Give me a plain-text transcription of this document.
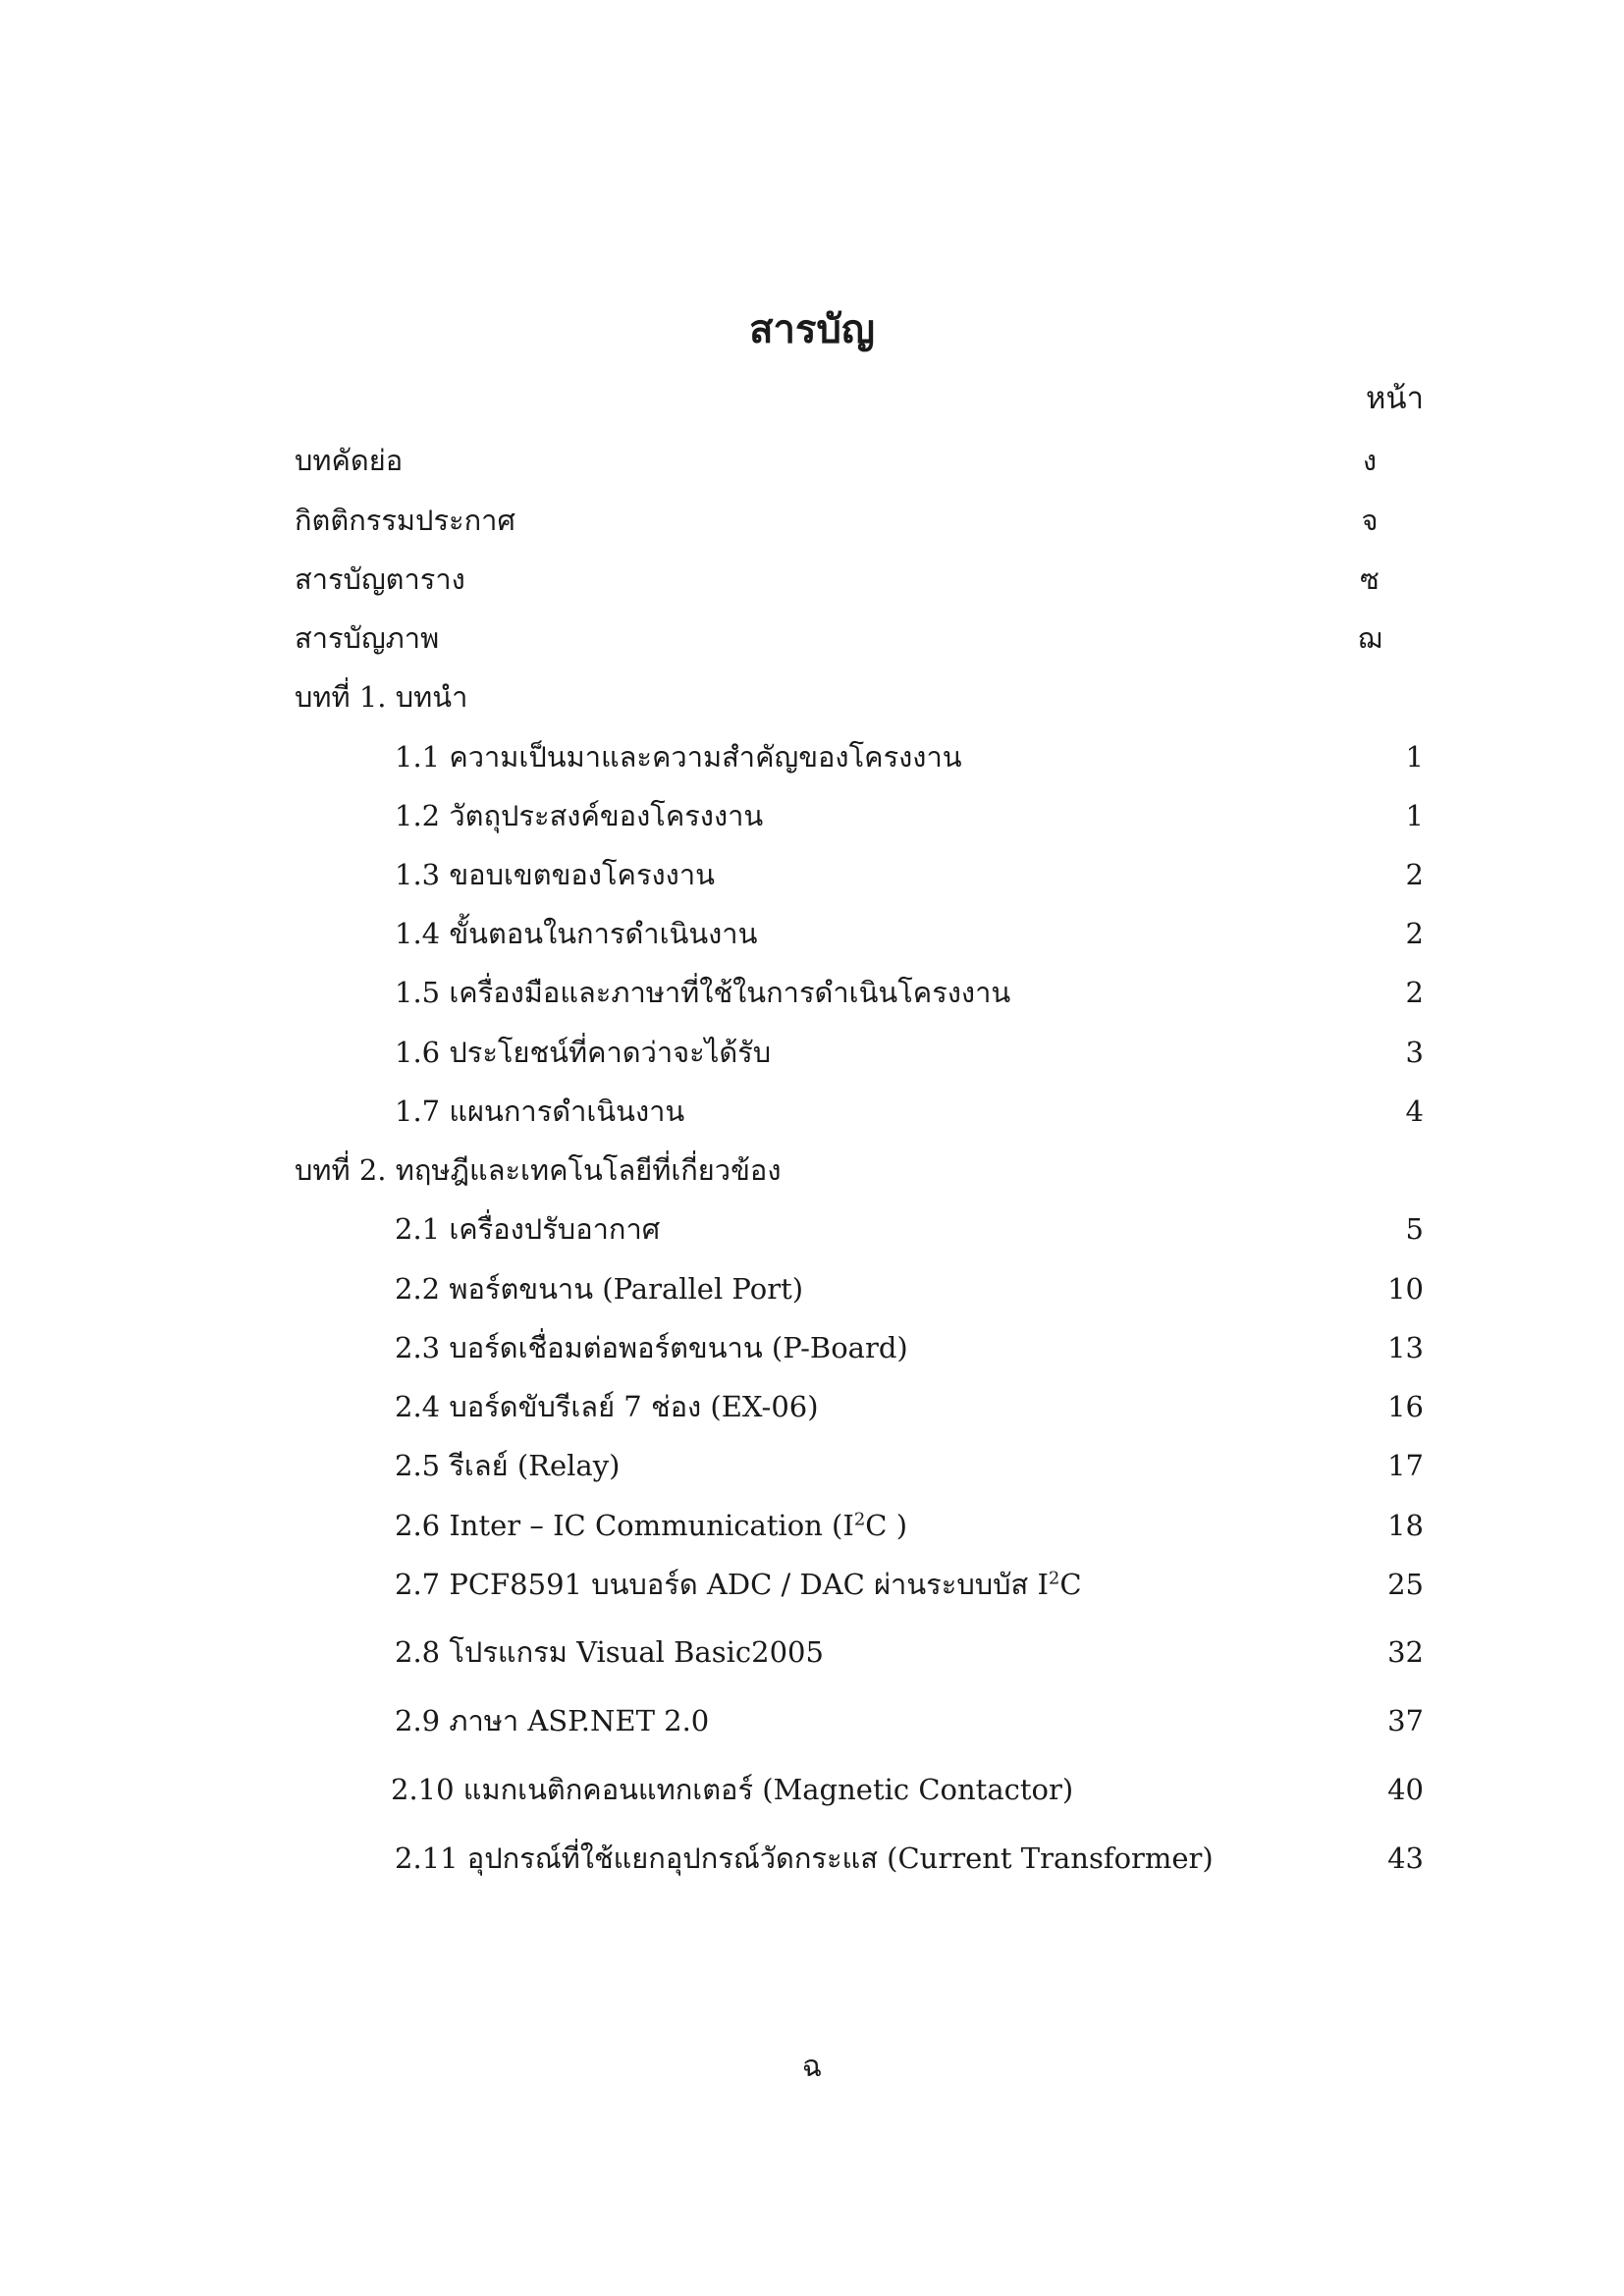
สารบัญ
หน้า
บทคัดย่อ	ง
กิตติกรรมประกาศ	จ
สารบัญตาราง	ซ
สารบัญภาพ	ฌ
บทที่ 1. บทนำ
1.1 ความเป็นมาและความสำคัญของโครงงาน	1
1.2 วัตถุประสงค์ของโครงงาน	1
1.3 ขอบเขตของโครงงาน	2
1.4 ขั้นตอนในการดำเนินงาน	2
1.5 เครื่องมือและภาษาที่ใช้ในการดำเนินโครงงาน	2
1.6 ประโยชน์ที่คาดว่าจะได้รับ	3
1.7 แผนการดำเนินงาน	4
บทที่ 2. ทฤษฎีและเทคโนโลยีที่เกี่ยวข้อง
2.1 เครื่องปรับอากาศ	5
2.2 พอร์ตขนาน (Parallel Port)	10
2.3 บอร์ดเชื่อมต่อพอร์ตขนาน (P-Board)	13
2.4 บอร์ดขับรีเลย์ 7 ช่อง (EX-06)	16
2.5 รีเลย์ (Relay)	17
2.6 Inter – IC Communication ($I^2C$ )	18
2.7 PCF8591 บนบอร์ด ADC / DAC ผ่านระบบบัส $I^2C$	25
2.8 โปรแกรม Visual Basic2005	32
2.9 ภาษา ASP.NET 2.0	37
2.10 แมกเนติกคอนแทกเตอร์ (Magnetic Contactor)	40
2.11 อุปกรณ์ที่ใช้แยกอุปกรณ์วัดกระแส (Current Transformer)	43
ฉ
